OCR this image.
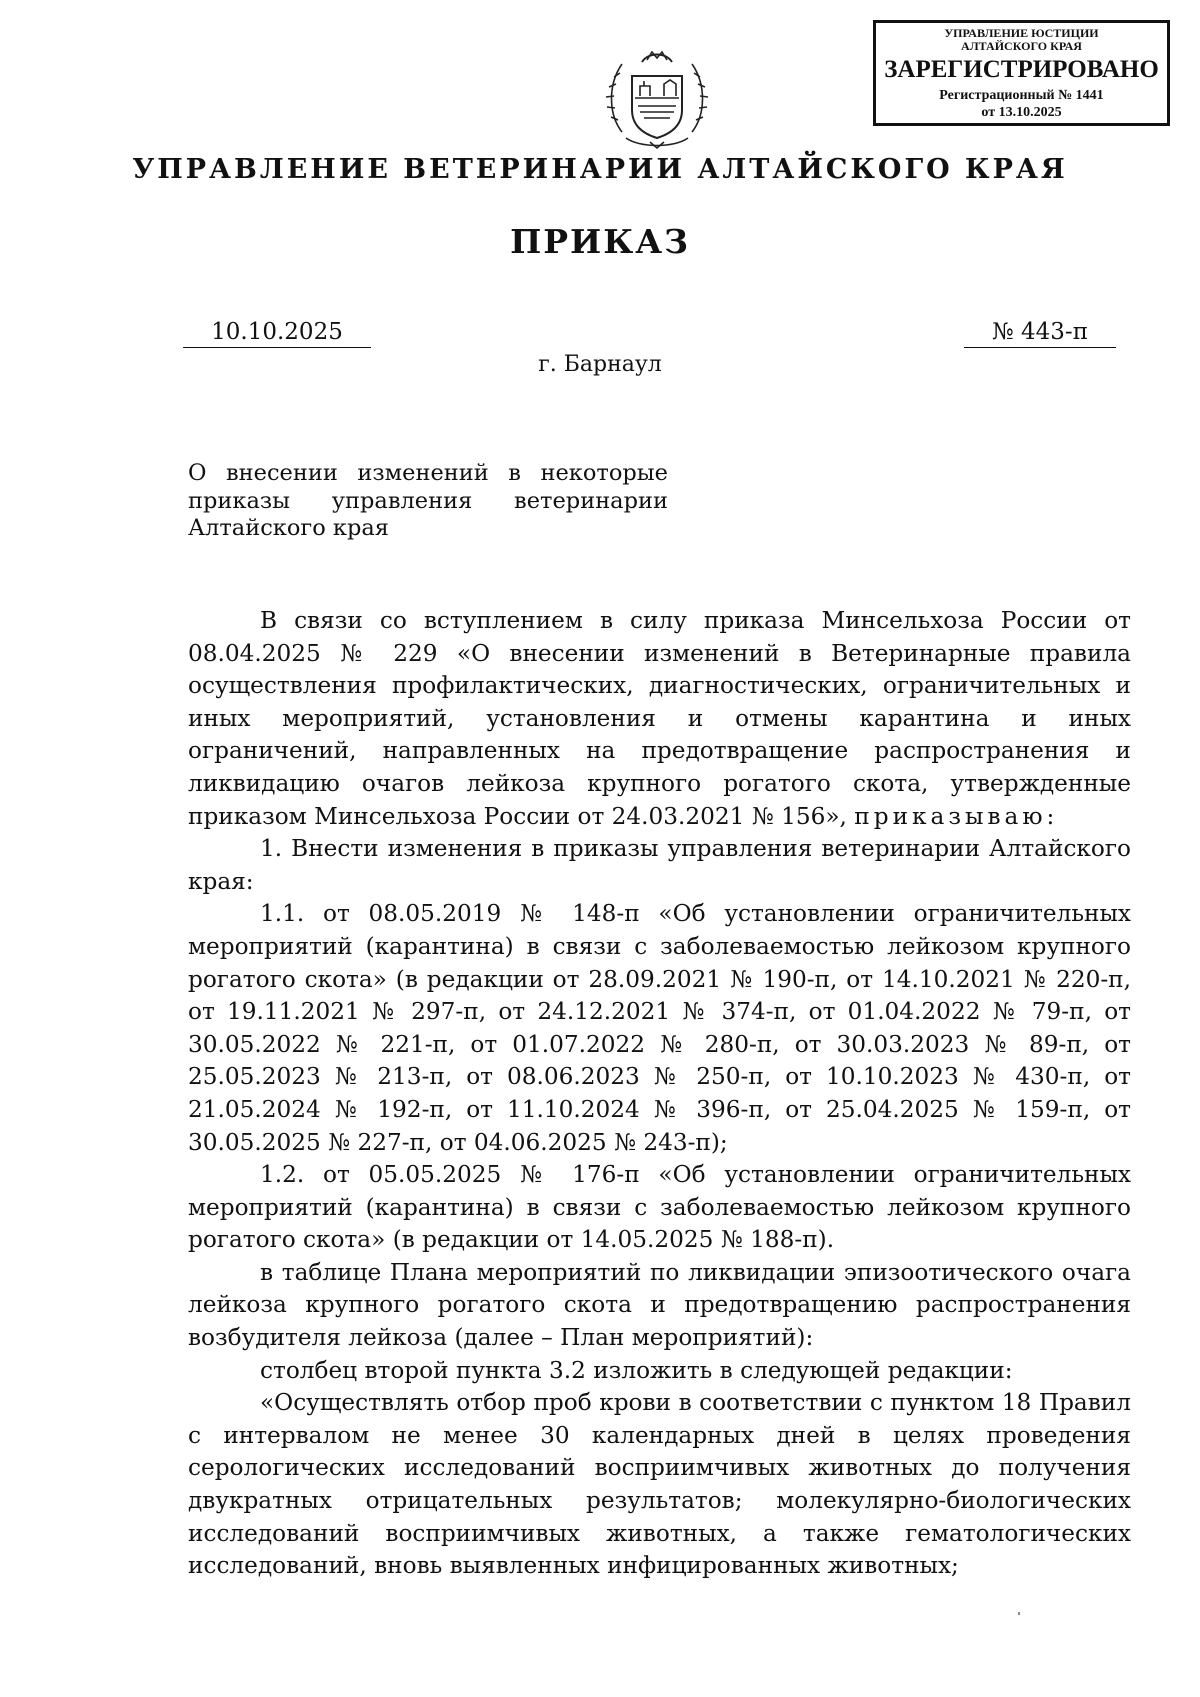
УПРАВЛЕНИЕ ЮСТИЦИИ
АЛТАЙСКОГО КРАЯ
ЗАРЕГИСТРИРОВАНО
Регистрационный № 1441
от 13.10.2025
УПРАВЛЕНИЕ ВЕТЕРИНАРИИ АЛТАЙСКОГО КРАЯ
ПРИКАЗ
10.10.2025	№ 443-п
г. Барнаул
О внесении изменений в некоторые
приказы управления ветеринарии
Алтайского края

В связи со вступлением в силу приказа Минсельхоза России от 08.04.2025 № 229 «О внесении изменений в Ветеринарные правила осуществления профилактических, диагностических, ограничительных и иных мероприятий, установления и отмены карантина и иных ограничений, направленных на предотвращение распространения и ликвидацию очагов лейкоза крупного рогатого скота, утвержденные приказом Минсельхоза России от 24.03.2021 № 156», приказываю:

1. Внести изменения в приказы управления ветеринарии Алтайского края:

1.1. от 08.05.2019 № 148-п «Об установлении ограничительных мероприятий (карантина) в связи с заболеваемостью лейкозом крупного рогатого скота» (в редакции от 28.09.2021 № 190-п, от 14.10.2021 № 220-п, от 19.11.2021 № 297-п, от 24.12.2021 № 374-п, от 01.04.2022 № 79-п, от 30.05.2022 № 221-п, от 01.07.2022 № 280-п, от 30.03.2023 № 89-п, от 25.05.2023 № 213-п, от 08.06.2023 № 250-п, от 10.10.2023 № 430-п, от 21.05.2024 № 192-п, от 11.10.2024 № 396-п, от 25.04.2025 № 159-п, от 30.05.2025 № 227-п, от 04.06.2025 № 243-п);

1.2. от 05.05.2025 № 176-п «Об установлении ограничительных мероприятий (карантина) в связи с заболеваемостью лейкозом крупного рогатого скота» (в редакции от 14.05.2025 № 188-п).

в таблице Плана мероприятий по ликвидации эпизоотического очага лейкоза крупного рогатого скота и предотвращению распространения возбудителя лейкоза (далее – План мероприятий):

столбец второй пункта 3.2 изложить в следующей редакции:

«Осуществлять отбор проб крови в соответствии с пунктом 18 Правил с интервалом не менее 30 календарных дней в целях проведения серологических исследований восприимчивых животных до получения двукратных отрицательных результатов; молекулярно-биологических исследований восприимчивых животных, а также гематологических исследований, вновь выявленных инфицированных животных;
